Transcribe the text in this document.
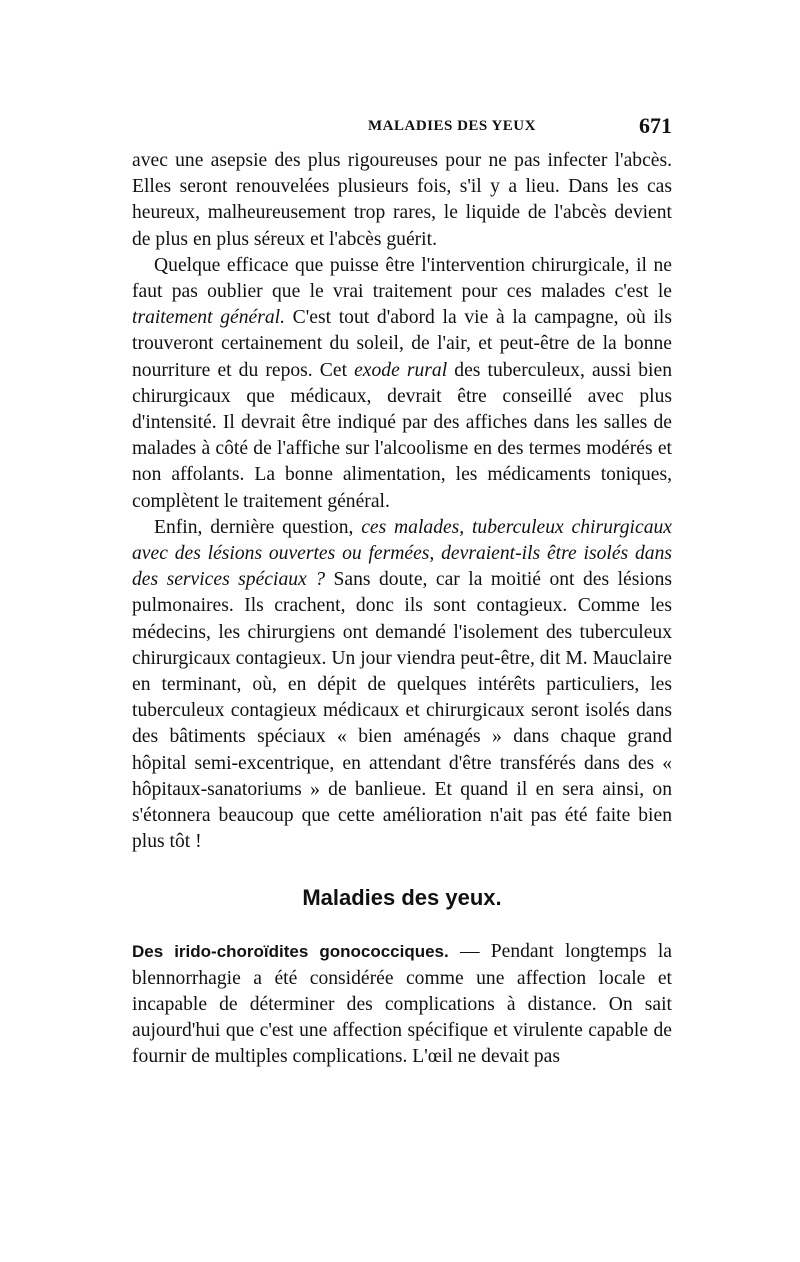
MALADIES DES YEUX	671

avec une asepsie des plus rigoureuses pour ne pas infecter l'abcès. Elles seront renouvelées plusieurs fois, s'il y a lieu. Dans les cas heureux, malheureusement trop rares, le liquide de l'abcès devient de plus en plus séreux et l'abcès guérit.

Quelque efficace que puisse être l'intervention chirurgicale, il ne faut pas oublier que le vrai traitement pour ces malades c'est le traitement général. C'est tout d'abord la vie à la campagne, où ils trouveront certainement du soleil, de l'air, et peut-être de la bonne nourriture et du repos. Cet exode rural des tuberculeux, aussi bien chirurgicaux que médicaux, devrait être conseillé avec plus d'intensité. Il devrait être indiqué par des affiches dans les salles de malades à côté de l'affiche sur l'alcoolisme en des termes modérés et non affolants. La bonne alimentation, les médicaments toniques, complètent le traitement général.

Enfin, dernière question, ces malades, tuberculeux chirurgicaux avec des lésions ouvertes ou fermées, devraient-ils être isolés dans des services spéciaux ? Sans doute, car la moitié ont des lésions pulmonaires. Ils crachent, donc ils sont contagieux. Comme les médecins, les chirurgiens ont demandé l'isolement des tuberculeux chirurgicaux contagieux. Un jour viendra peut-être, dit M. Mauclaire en terminant, où, en dépit de quelques intérêts particuliers, les tuberculeux contagieux médicaux et chirurgicaux seront isolés dans des bâtiments spéciaux « bien aménagés » dans chaque grand hôpital semi-excentrique, en attendant d'être transférés dans des « hôpitaux-sanatoriums » de banlieue. Et quand il en sera ainsi, on s'étonnera beaucoup que cette amélioration n'ait pas été faite bien plus tôt !

Maladies des yeux.

Des irido-choroïdites gonococciques. — Pendant longtemps la blennorrhagie a été considérée comme une affection locale et incapable de déterminer des complications à distance. On sait aujourd'hui que c'est une affection spécifique et virulente capable de fournir de multiples complications. L'œil ne devait pas
